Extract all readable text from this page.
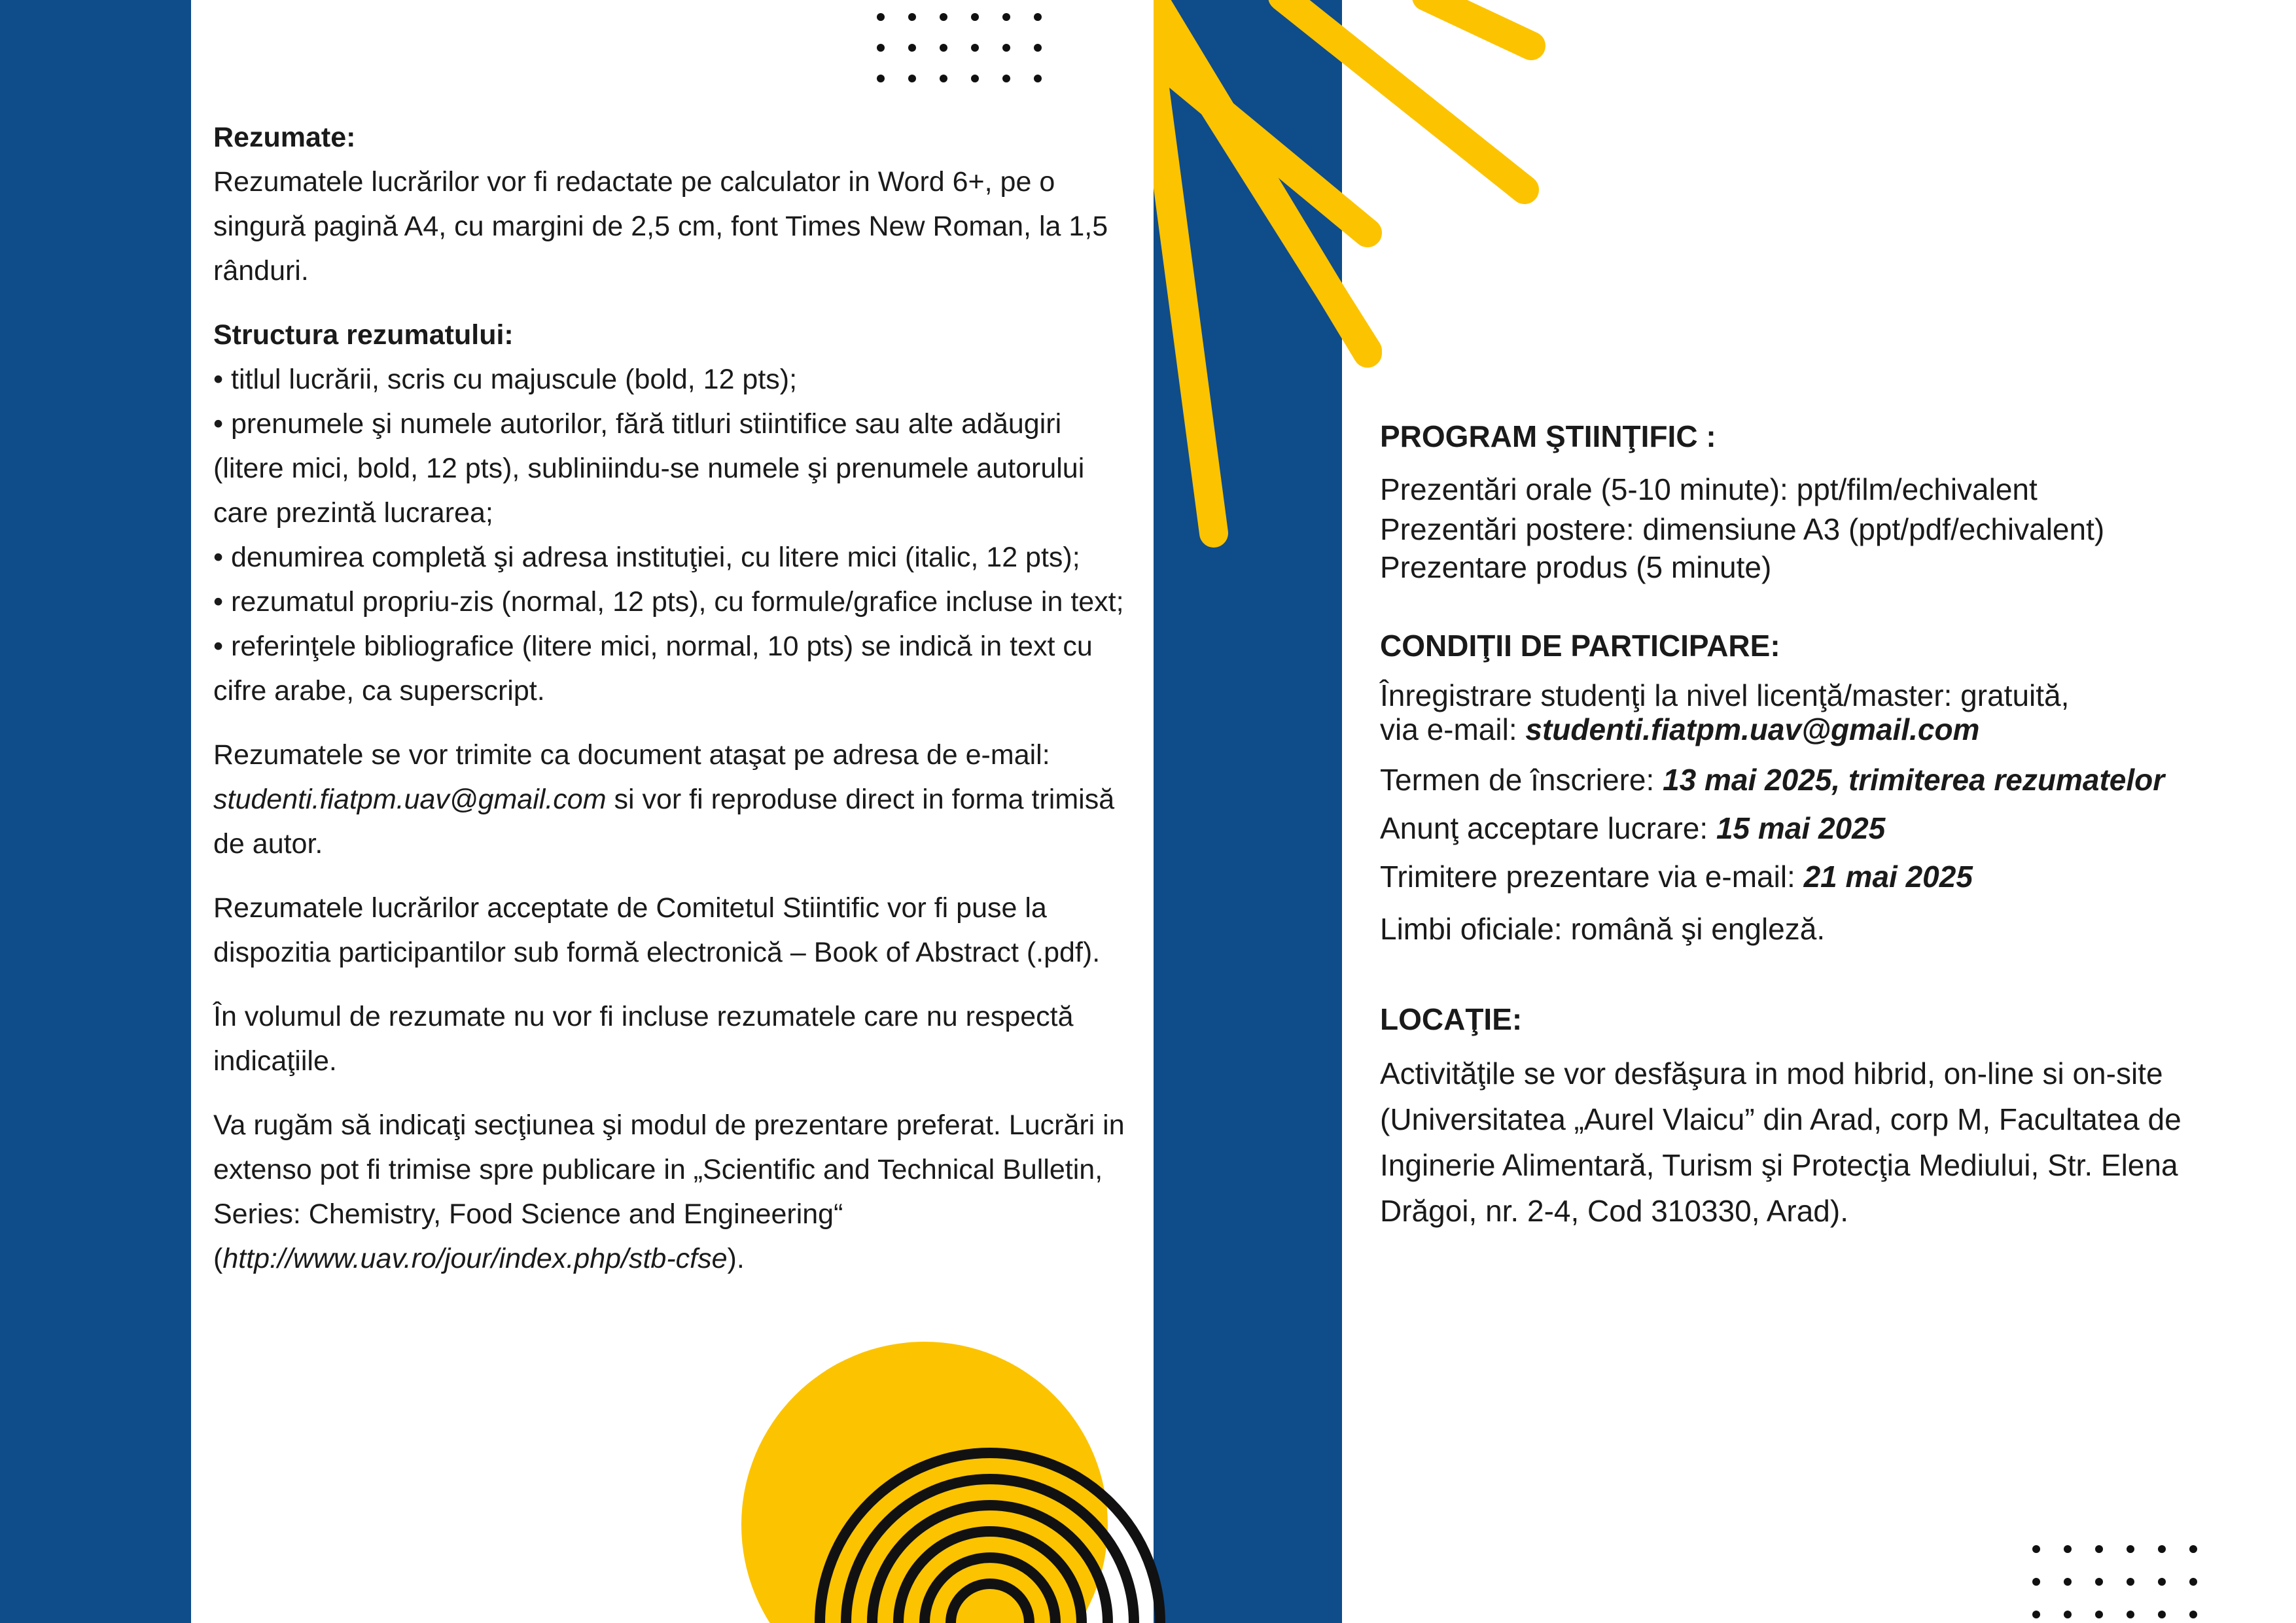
Rezumate:
Rezumatele lucrărilor vor fi redactate pe calculator in Word 6+, pe o singură pagină A4, cu margini de 2,5 cm, font Times New Roman, la 1,5 rânduri.

Structura rezumatului:
• titlul lucrării, scris cu majuscule (bold, 12 pts);
• prenumele şi numele autorilor, fără titluri stiintifice sau alte adăugiri (litere mici, bold, 12 pts), subliniindu-se numele şi prenumele autorului care prezintă lucrarea;
• denumirea completă şi adresa instituţiei, cu litere mici (italic, 12 pts);
• rezumatul propriu-zis (normal, 12 pts), cu formule/grafice incluse in text;
• referinţele bibliografice (litere mici, normal, 10 pts) se indică in text cu cifre arabe, ca superscript.

Rezumatele se vor trimite ca document ataşat pe adresa de e-mail: studenti.fiatpm.uav@gmail.com si vor fi reproduse direct in forma trimisă de autor.

Rezumatele lucrărilor acceptate de Comitetul Stiintific vor fi puse la dispozitia participantilor sub formă electronică – Book of Abstract (.pdf).

În volumul de rezumate nu vor fi incluse rezumatele care nu respectă indicaţiile.

Va rugăm să indicaţi secţiunea şi modul de prezentare preferat. Lucrări in extenso pot fi trimise spre publicare in „Scientific and Technical Bulletin, Series: Chemistry, Food Science and Engineering“ (http://www.uav.ro/jour/index.php/stb-cfse).

PROGRAM ŞTIINŢIFIC :

Prezentări orale (5-10 minute): ppt/film/echivalent
Prezentări postere: dimensiune A3 (ppt/pdf/echivalent)
Prezentare produs (5 minute)

CONDIŢII DE PARTICIPARE:

Înregistrare studenţi la nivel licenţă/master: gratuită,
via e-mail: studenti.fiatpm.uav@gmail.com

Termen de înscriere: 13 mai 2025, trimiterea rezumatelor
Anunţ acceptare lucrare: 15 mai 2025
Trimitere prezentare via e-mail: 21 mai 2025
Limbi oficiale: română şi engleză.

LOCAŢIE:

Activităţile se vor desfăşura in mod hibrid, on-line si on-site (Universitatea „Aurel Vlaicu” din Arad, corp M, Facultatea de Inginerie Alimentară, Turism şi Protecţia Mediului, Str. Elena Drăgoi, nr. 2-4, Cod 310330, Arad).
